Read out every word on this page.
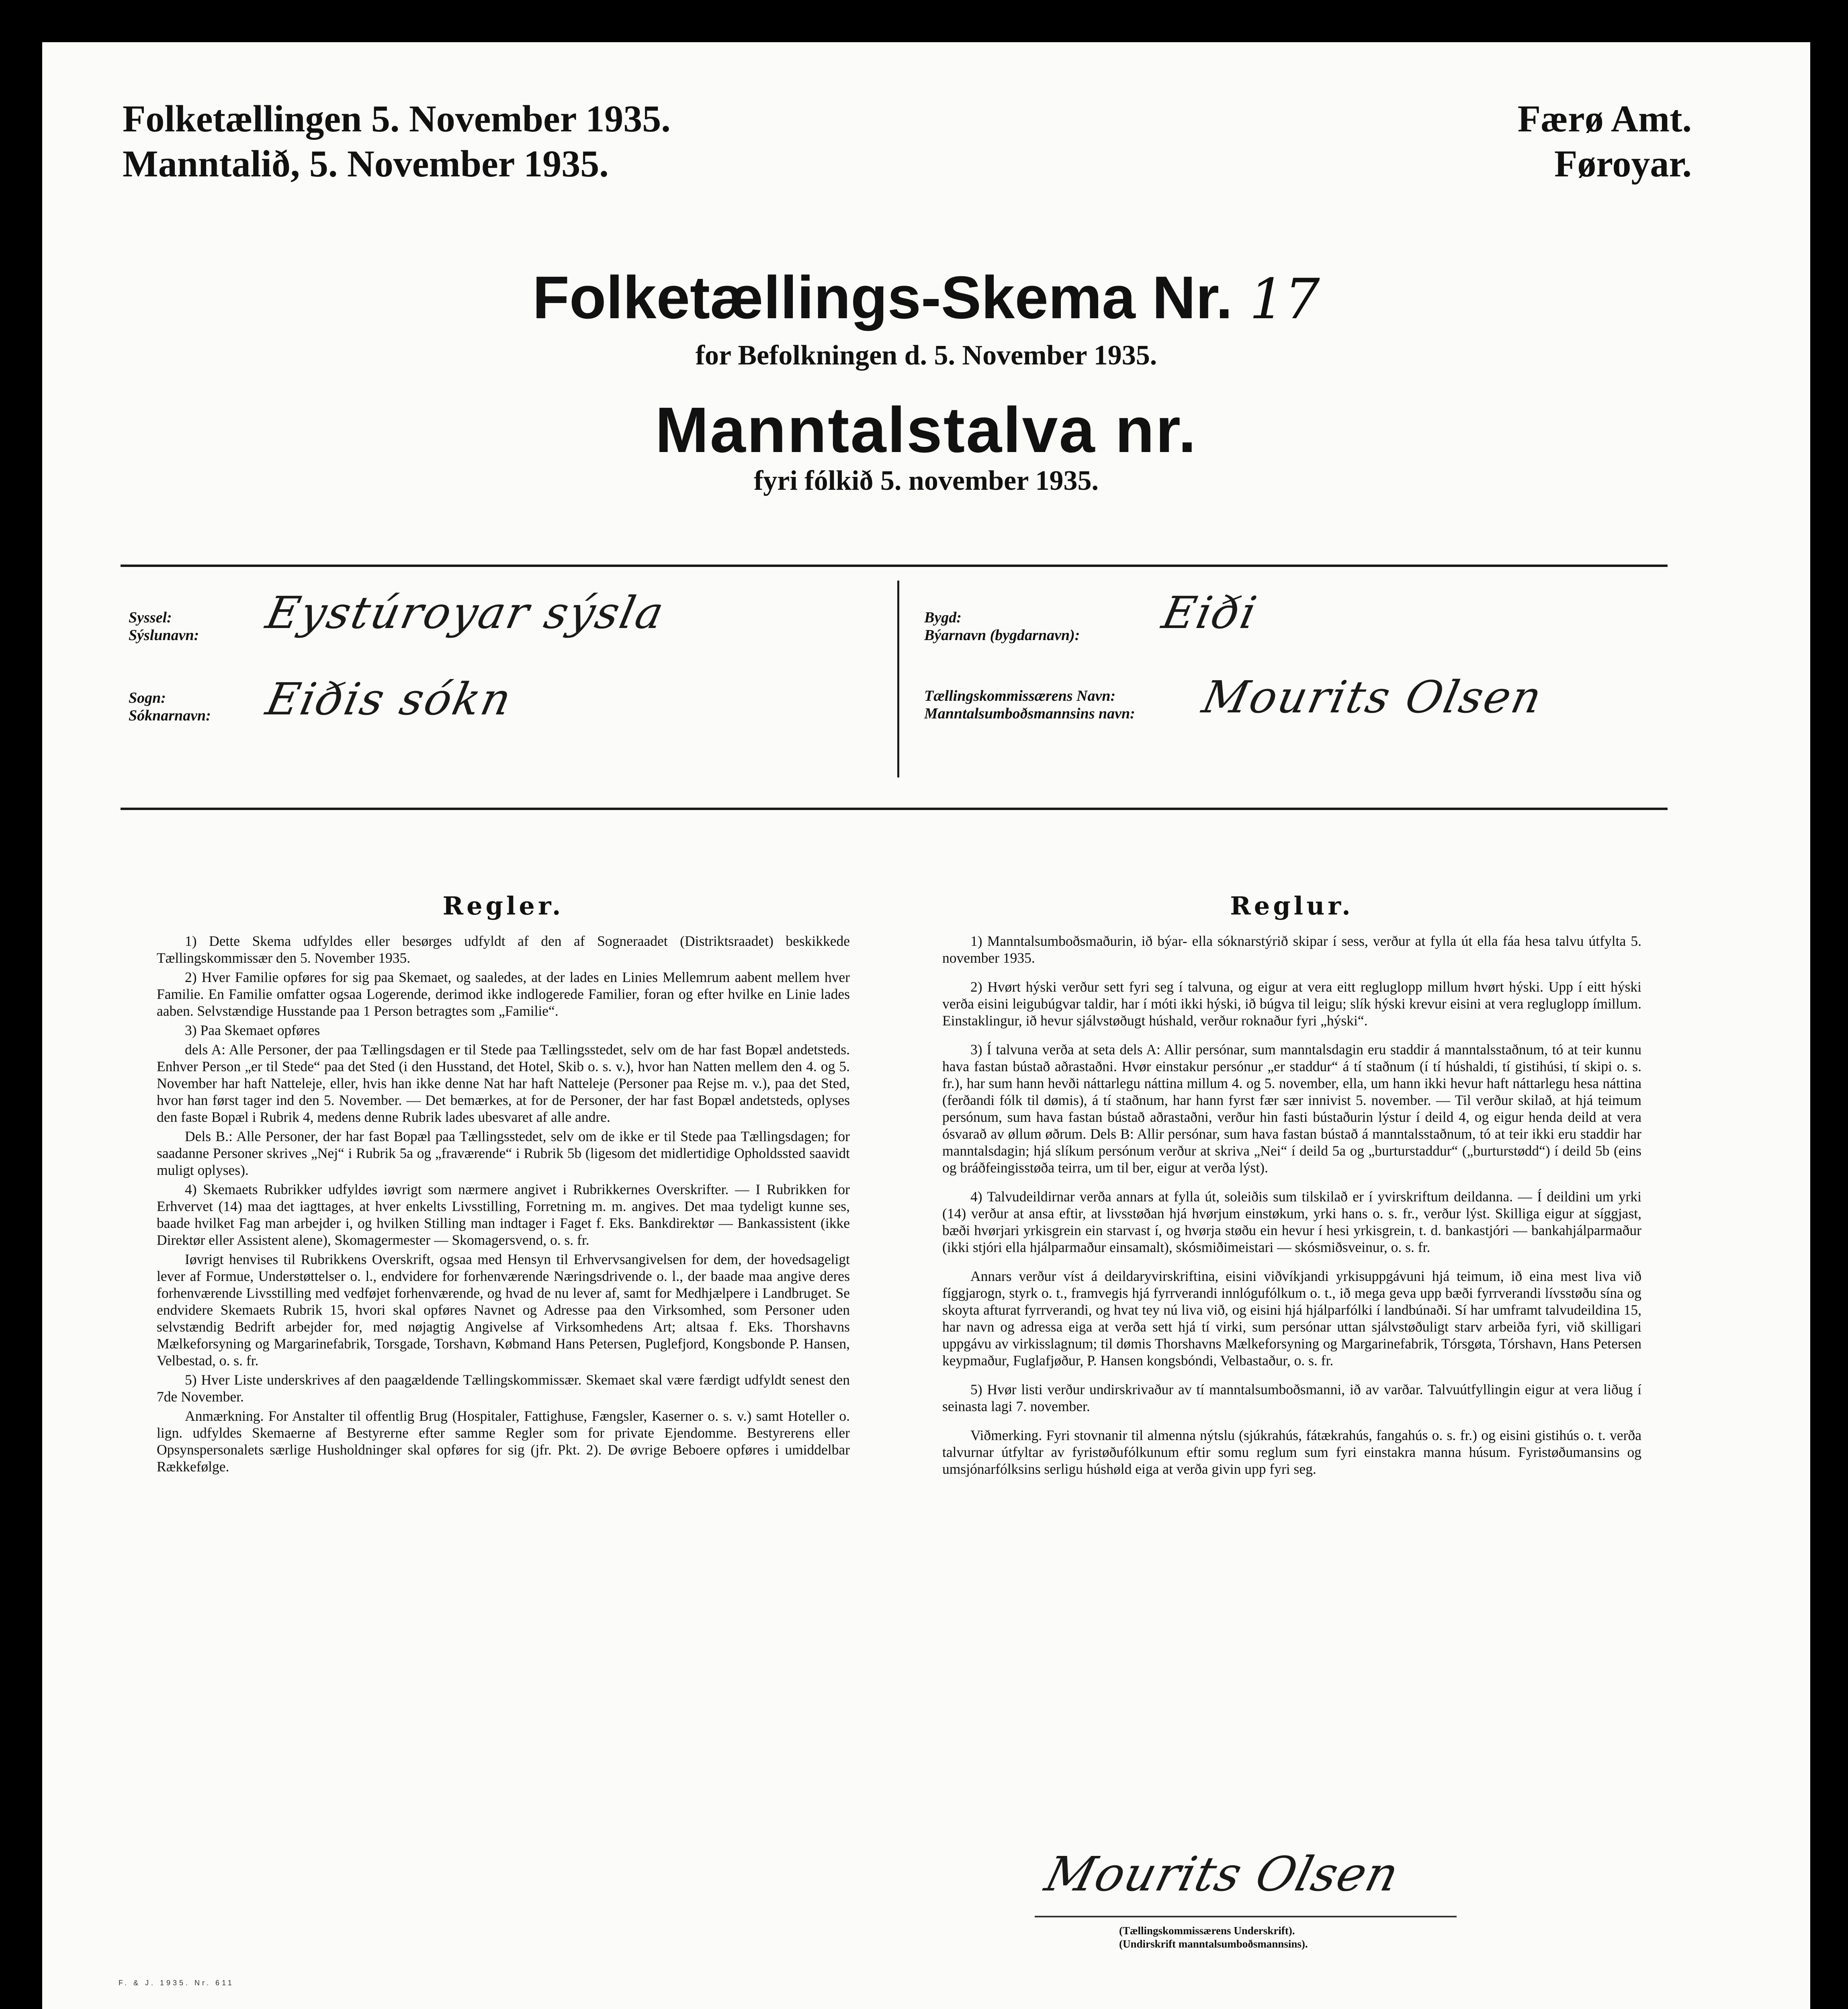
Folketællingen 5. November 1935.
Manntalið, 5. November 1935.
Færø Amt.
Føroyar.
Folketællings-Skema Nr. 17
for Befolkningen d. 5. November 1935.
Manntalstalva nr.
fyri fólkið 5. november 1935.
Syssel:
Sýslunavn: Eystúroyar sýsla
Sogn:
Sóknarnavn: Eiðis sókn
Bygd:
Býarnavn (bygdarnavn): Eiði
Tællingskommissærens Navn:
Manntalsumboðsmannsins navn: Mourits Olsen
Regler.

1) Dette Skema udfyldes eller besørges udfyldt af den af Sogneraadet (Distriktsraadet) beskikkede Tællingskommissær den 5. November 1935.

2) Hver Familie opføres for sig paa Skemaet, og saaledes, at der lades en Linies Mellemrum aabent mellem hver Familie. En Familie omfatter ogsaa Logerende, derimod ikke indlogerede Familier, foran og efter hvilke en Linie lades aaben. Selvstændige Husstande paa 1 Person betragtes som „Familie“.

3) Paa Skemaet opføres

dels A: Alle Personer, der paa Tællingsdagen er til Stede paa Tællingsstedet, selv om de har fast Bopæl andetsteds. Enhver Person „er til Stede“ paa det Sted (i den Husstand, det Hotel, Skib o. s. v.), hvor han Natten mellem den 4. og 5. November har haft Natteleje, eller, hvis han ikke denne Nat har haft Natteleje (Personer paa Rejse m. v.), paa det Sted, hvor han først tager ind den 5. November. — Det bemærkes, at for de Personer, der har fast Bopæl andetsteds, oplyses den faste Bopæl i Rubrik 4, medens denne Rubrik lades ubesvaret af alle andre.

Dels B.: Alle Personer, der har fast Bopæl paa Tællingsstedet, selv om de ikke er til Stede paa Tællingsdagen; for saadanne Personer skrives „Nej“ i Rubrik 5a og „fraværende“ i Rubrik 5b (ligesom det midlertidige Opholdssted saavidt muligt oplyses).

4) Skemaets Rubrikker udfyldes iøvrigt som nærmere angivet i Rubrikkernes Overskrifter. — I Rubrikken for Erhvervet (14) maa det iagttages, at hver enkelts Livsstilling, Forretning m. m. angives. Det maa tydeligt kunne ses, baade hvilket Fag man arbejder i, og hvilken Stilling man indtager i Faget f. Eks. Bankdirektør — Bankassistent (ikke Direktør eller Assistent alene), Skomagermester — Skomagersvend, o. s. fr.

Iøvrigt henvises til Rubrikkens Overskrift, ogsaa med Hensyn til Erhvervsangivelsen for dem, der hovedsageligt lever af Formue, Understøttelser o. l., endvidere for forhenværende Næringsdrivende o. l., der baade maa angive deres forhenværende Livsstilling med vedføjet forhenværende, og hvad de nu lever af, samt for Medhjælpere i Landbruget. Se endvidere Skemaets Rubrik 15, hvori skal opføres Navnet og Adresse paa den Virksomhed, som Personer uden selvstændig Bedrift arbejder for, med nøjagtig Angivelse af Virksomhedens Art; altsaa f. Eks. Thorshavns Mælkeforsyning og Margarinefabrik, Torsgade, Torshavn, Købmand Hans Petersen, Puglefjord, Kongsbonde P. Hansen, Velbestad, o. s. fr.

5) Hver Liste underskrives af den paagældende Tællingskommissær. Skemaet skal være færdigt udfyldt senest den 7de November.

Anmærkning. For Anstalter til offentlig Brug (Hospitaler, Fattighuse, Fængsler, Kaserner o. s. v.) samt Hoteller o. lign. udfyldes Skemaerne af Bestyrerne efter samme Regler som for private Ejendomme. Bestyrerens eller Opsynspersonalets særlige Husholdninger skal opføres for sig (jfr. Pkt. 2). De øvrige Beboere opføres i umiddelbar Rækkefølge.

Reglur.

1) Manntalsumboðsmaðurin, ið býar- ella sóknarstýrið skipar í sess, verður at fylla út ella fáa hesa talvu útfylta 5. november 1935.

2) Hvørt hýski verður sett fyri seg í talvuna, og eigur at vera eitt regluglopp millum hvørt hýski. Upp í eitt hýski verða eisini leigubúgvar taldir, har í móti ikki hýski, ið búgva til leigu; slík hýski krevur eisini at vera regluglopp ímillum. Einstaklingur, ið hevur sjálvstøðugt húshald, verður roknaður fyri „hýski“.

3) Í talvuna verða at seta dels A: Allir persónar, sum manntalsdagin eru staddir á manntalsstaðnum, tó at teir kunnu hava fastan bústað aðrastaðni. Hvør einstakur persónur „er staddur“ á tí staðnum (í tí húshaldi, tí gistihúsi, tí skipi o. s. fr.), har sum hann hevði náttarlegu náttina millum 4. og 5. november, ella, um hann ikki hevur haft náttarlegu hesa náttina (ferðandi fólk til dømis), á tí staðnum, har hann fyrst fær sær innivist 5. november. — Til verður skilað, at hjá teimum persónum, sum hava fastan bústað aðrastaðni, verður hin fasti bústaðurin lýstur í deild 4, og eigur henda deild at vera ósvarað av øllum øðrum. Dels B: Allir persónar, sum hava fastan bústað á manntalsstaðnum, tó at teir ikki eru staddir har manntalsdagin; hjá slíkum persónum verður at skriva „Nei“ í deild 5a og „burturstaddur“ („burturstødd“) í deild 5b (eins og bráðfeingisstøða teirra, um til ber, eigur at verða lýst).

4) Talvudeildirnar verða annars at fylla út, soleiðis sum tilskilað er í yvirskriftum deildanna. — Í deildini um yrki (14) verður at ansa eftir, at livsstøðan hjá hvørjum einstøkum, yrki hans o. s. fr., verður lýst. Skilliga eigur at síggjast, bæði hvørjari yrkisgrein ein starvast í, og hvørja støðu ein hevur í hesi yrkisgrein, t. d. bankastjóri — bankahjálparmaður (ikki stjóri ella hjálparmaður einsamalt), skósmiðimeistari — skósmiðsveinur, o. s. fr.

Annars verður víst á deildaryvirskriftina, eisini viðvíkjandi yrkisuppgávuni hjá teimum, ið eina mest liva við fíggjarogn, styrk o. t., framvegis hjá fyrrverandi innlógufólkum o. t., ið mega geva upp bæði fyrrverandi lívsstøðu sína og skoyta afturat fyrrverandi, og hvat tey nú liva við, og eisini hjá hjálparfólki í landbúnaði. Sí har umframt talvudeildina 15, har navn og adressa eiga at verða sett hjá tí virki, sum persónar uttan sjálvstøðuligt starv arbeiða fyri, við skilligari uppgávu av virkisslagnum; til dømis Thorshavns Mælkeforsyning og Margarinefabrik, Tórsgøta, Tórshavn, Hans Petersen keypmaður, Fuglafjøður, P. Hansen kongsbóndi, Velbastaður, o. s. fr.

5) Hvør listi verður undirskrivaður av tí manntalsumboðsmanni, ið av varðar. Talvuútfyllingin eigur at vera liðug í seinasta lagi 7. november.

Viðmerking. Fyri stovnanir til almenna nýtslu (sjúkrahús, fátækrahús, fangahús o. s. fr.) og eisini gistihús o. t. verða talvurnar útfyltar av fyristøðufólkunum eftir somu reglum sum fyri einstakra manna húsum. Fyristøðumansins og umsjónarfólksins serligu húshøld eiga at verða givin upp fyri seg.

Mourits Olsen
(Tællingskommissærens Underskrift).
(Undirskrift manntalsumboðsmannsins).
F. & J. 1935. Nr. 611
